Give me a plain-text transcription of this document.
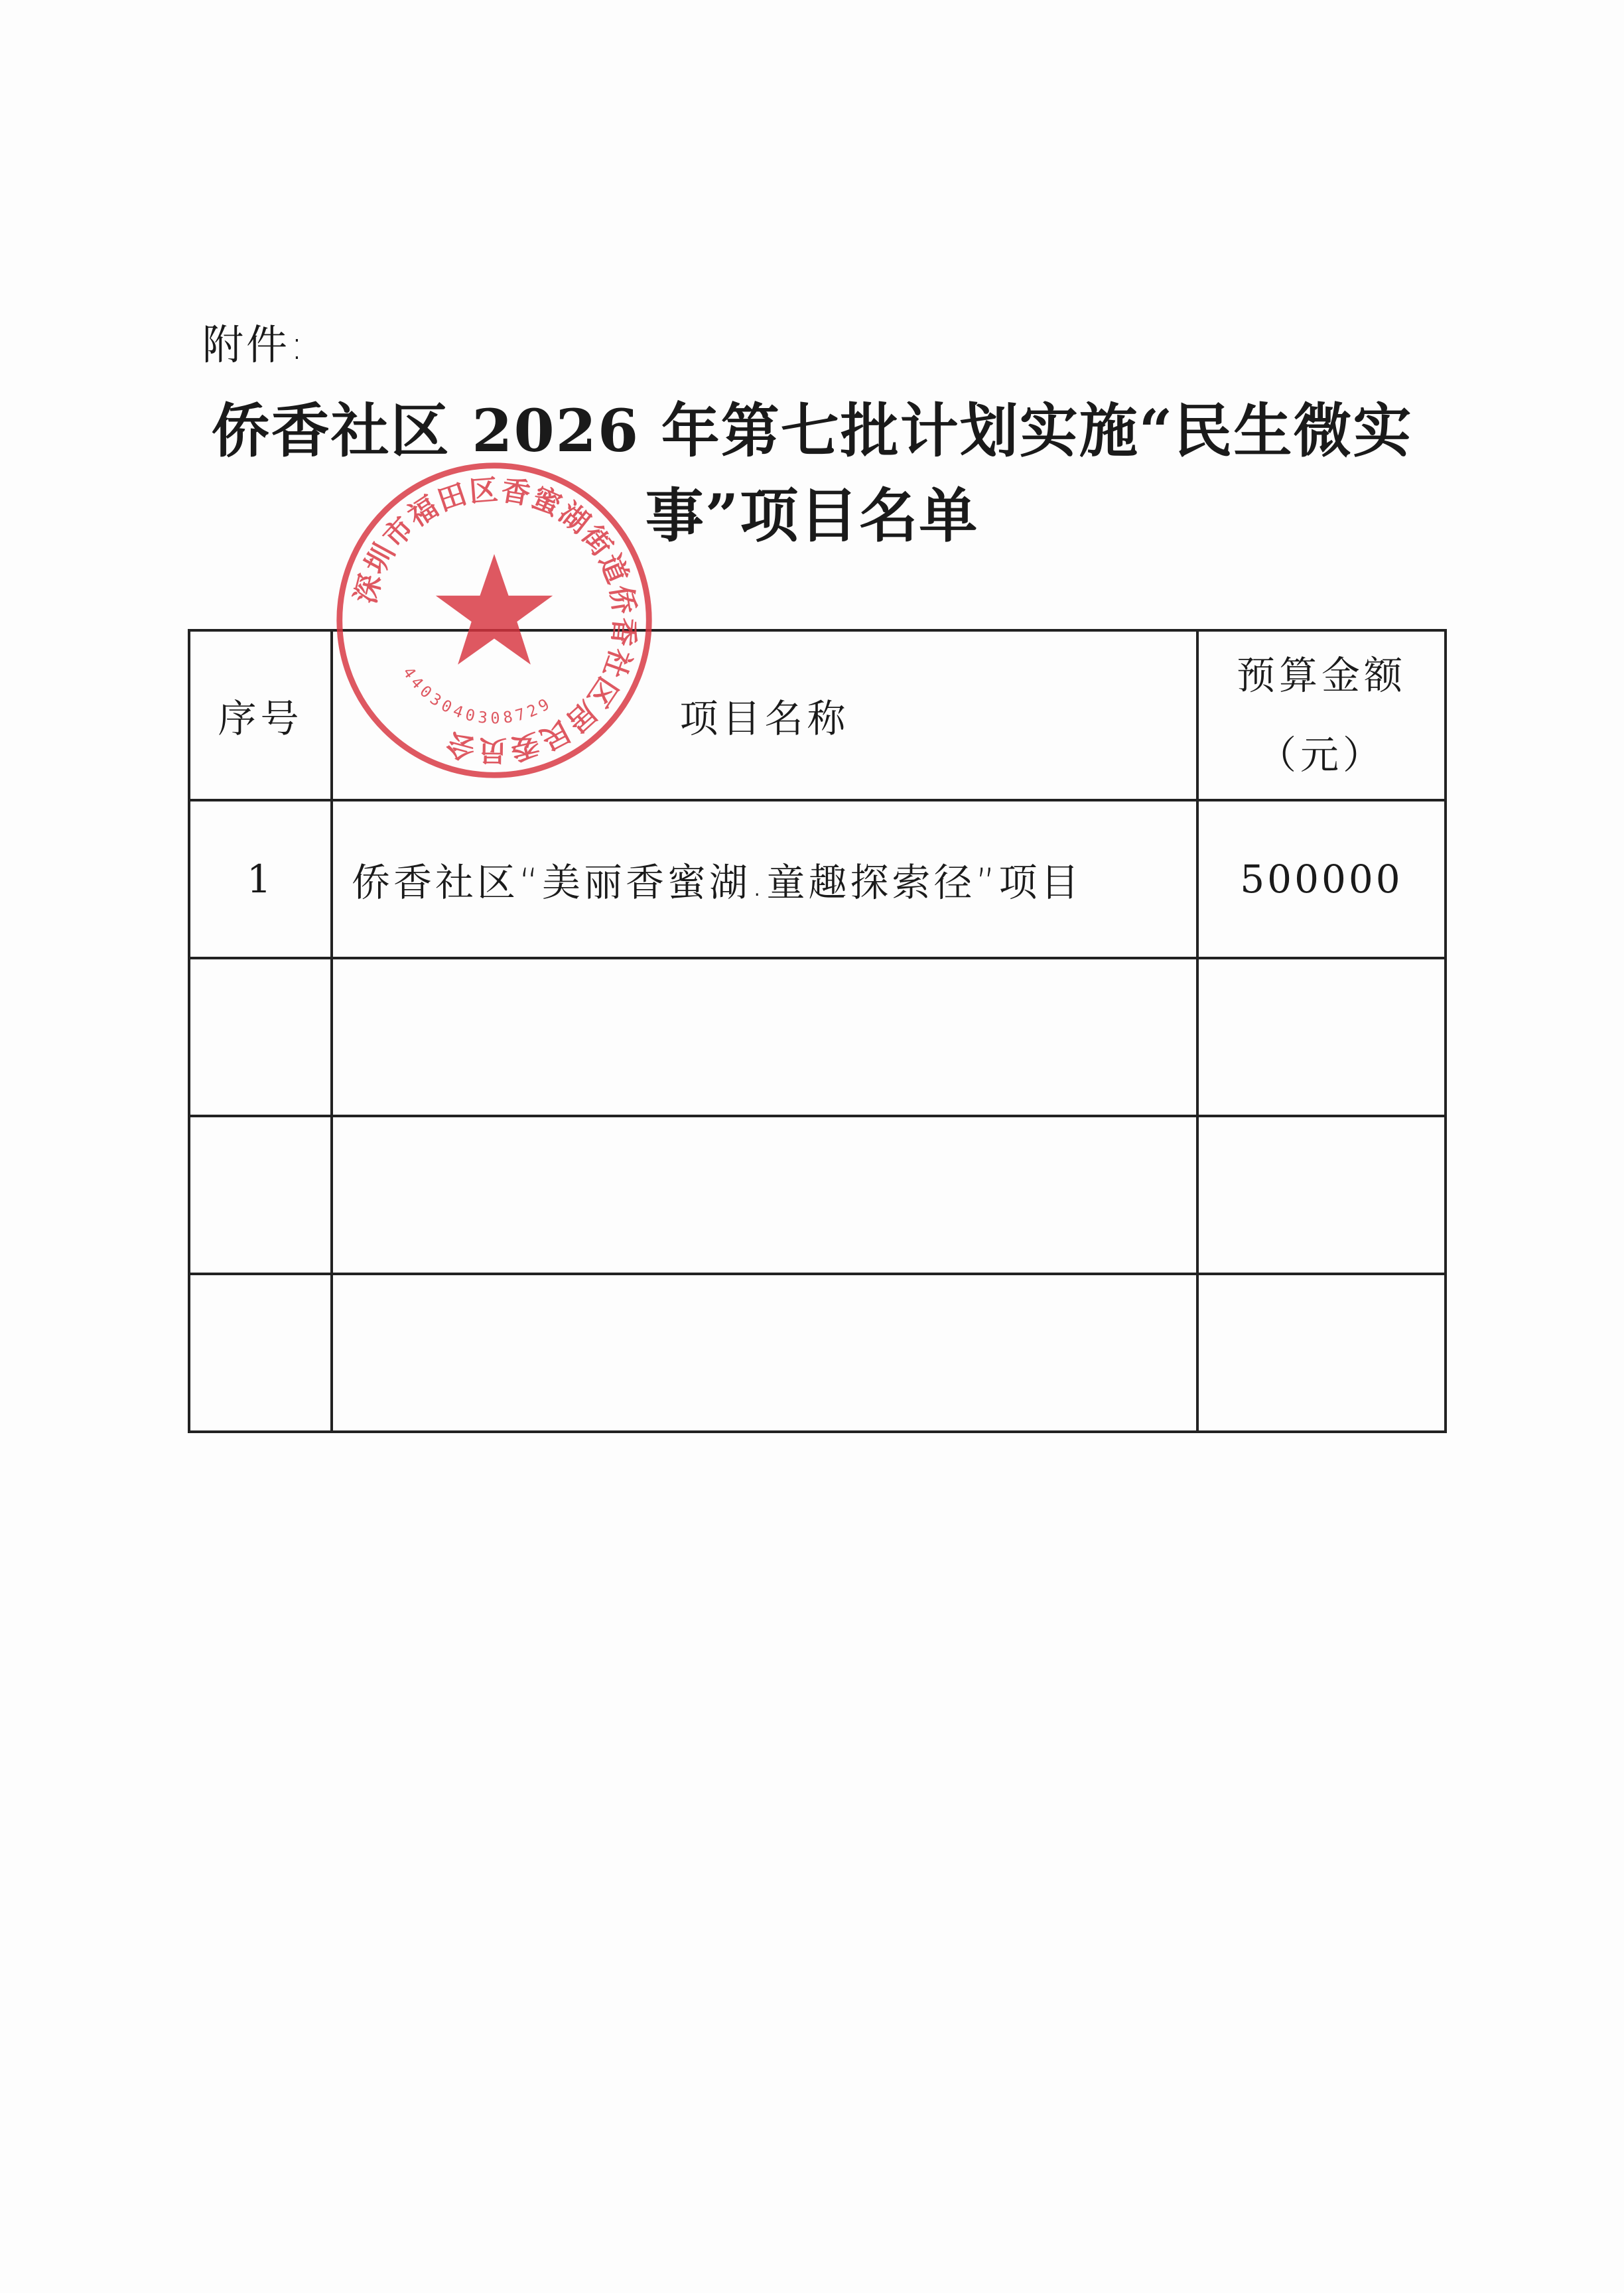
附件:
侨香社区 2026 年第七批计划实施“民生微实
事”项目名单
序号	项目名称	预算金额
（元）

1	侨香社区“美丽香蜜湖.童趣探索径”项目	500000

深圳市福田区香蜜湖街道侨香社区居民委员会
4403040308729
